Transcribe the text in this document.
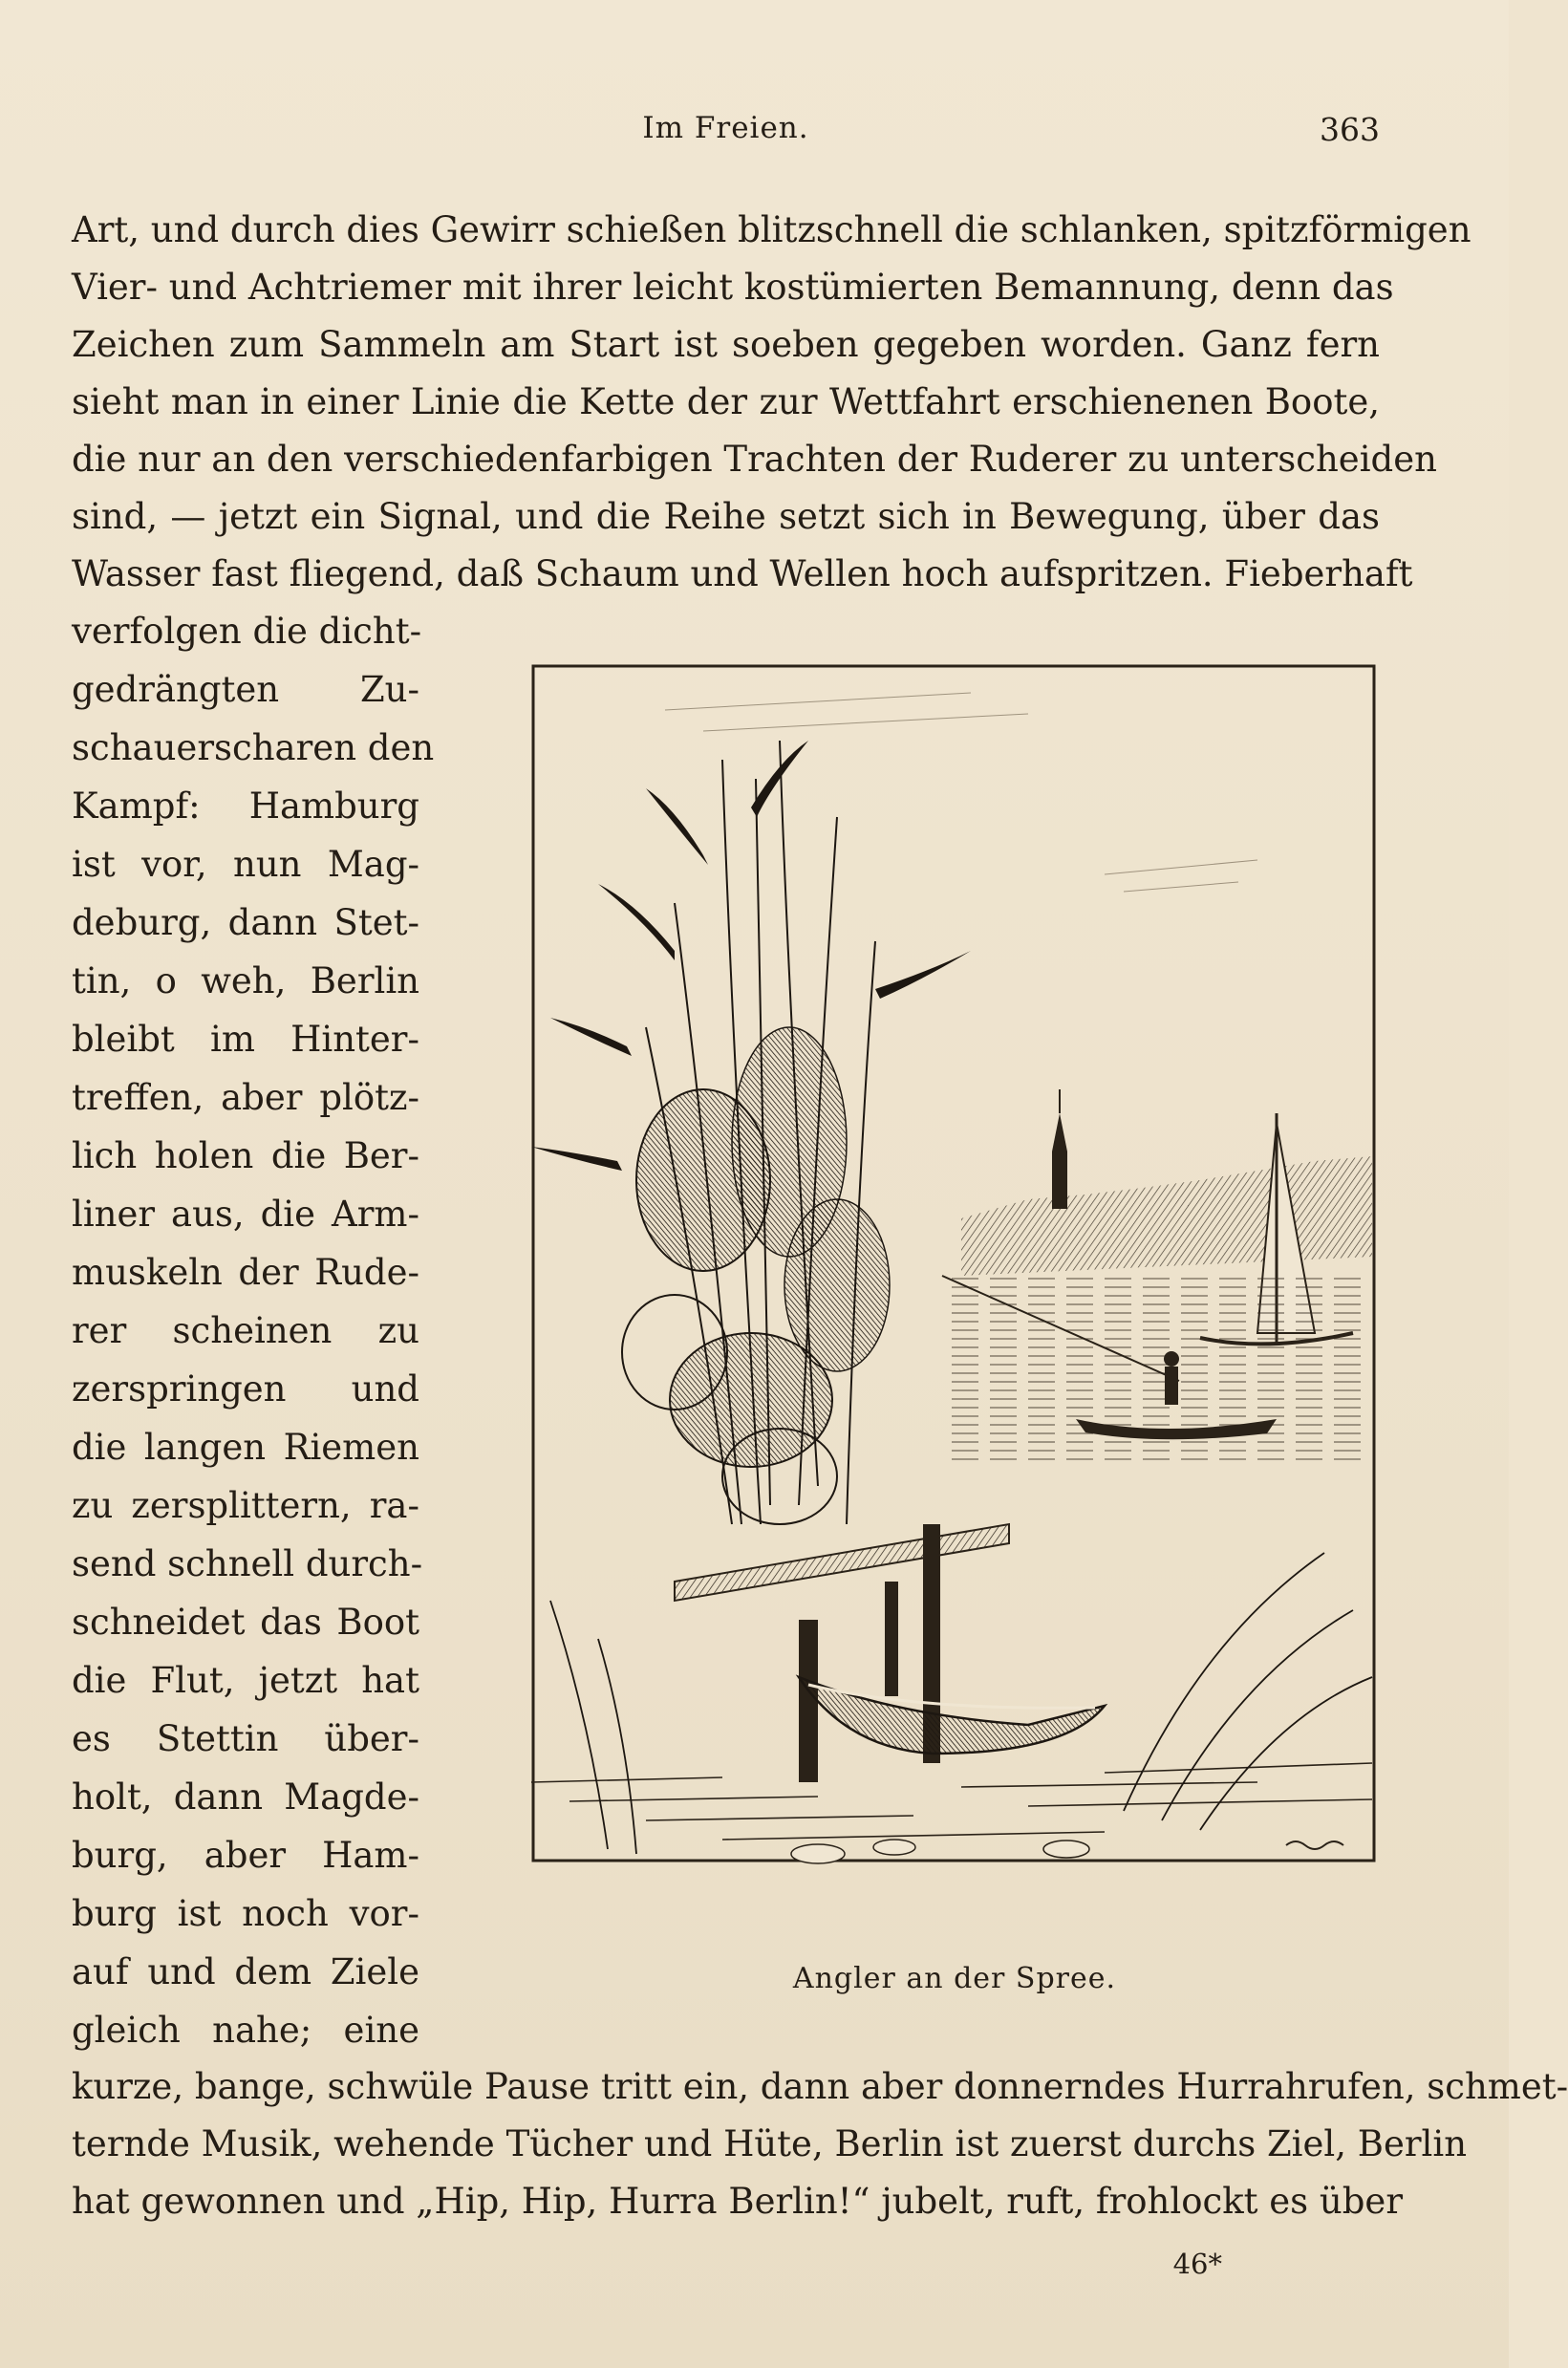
Im Freien.	363
Art, und durch dies Gewirr schießen blitzschnell die schlanken, spitzförmigen
Vier- und Achtriemer mit ihrer leicht kostümierten Bemannung, denn das
Zeichen zum Sammeln am Start ist soeben gegeben worden. Ganz fern
sieht man in einer Linie die Kette der zur Wettfahrt erschienenen Boote,
die nur an den verschiedenfarbigen Trachten der Ruderer zu unterscheiden
sind, — jetzt ein Signal, und die Reihe setzt sich in Bewegung, über das
Wasser fast fliegend, daß Schaum und Wellen hoch aufspritzen. Fieberhaft
verfolgen die dicht-
gedrängten Zu-
schauerscharen den
Kampf: Hamburg
ist vor, nun Mag-
deburg, dann Stet-
tin, o weh, Berlin
bleibt im Hinter-
treffen, aber plötz-
lich holen die Ber-
liner aus, die Arm-
muskeln der Rude-
rer scheinen zu
zerspringen und
die langen Riemen
zu zersplittern, ra-
send schnell durch-
schneidet das Boot
die Flut, jetzt hat
es Stettin über-
holt, dann Magde-
burg, aber Ham-
burg ist noch vor-
auf und dem Ziele
gleich nahe; eine
kurze, bange, schwüle Pause tritt ein, dann aber donnerndes Hurrahrufen, schmet-
ternde Musik, wehende Tücher und Hüte, Berlin ist zuerst durchs Ziel, Berlin
hat gewonnen und „Hip, Hip, Hurra Berlin!“ jubelt, ruft, frohlockt es über
Angler an der Spree.
46*
